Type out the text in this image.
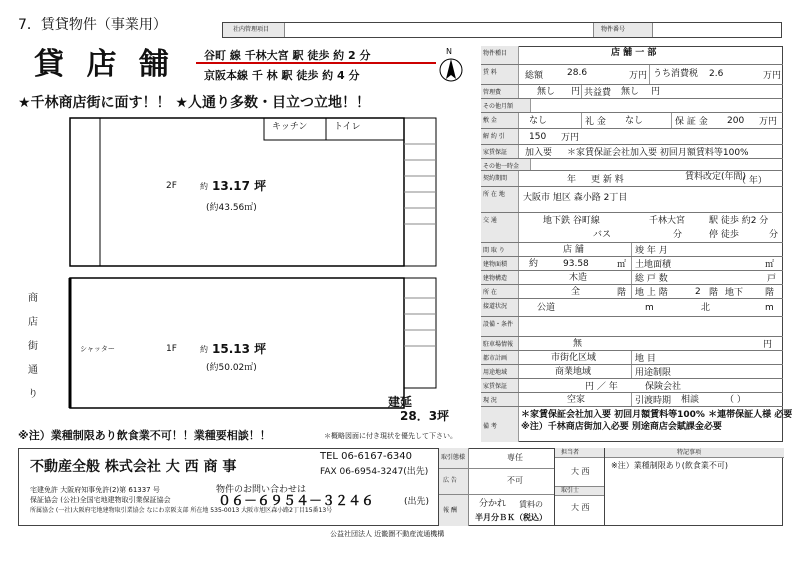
7．賃貸物件（事業用）	社内管理項目	物件番号
貸 店 舗	谷町 線 千林大宮 駅 徒歩 約 2 分
京阪本線 千 林 駅 徒歩 約 4 分
N
★千林商店街に面す！！ ★人通り多数・目立つ立地！！
キッチン	トイレ
2F	約 13.17 坪
(約43.56㎡)
シャッター	1F	約 15.13 坪
(約50.02㎡)
商
店
街
通
り
建延
28．3坪
※注）業種制限あり飲食業不可！！業種要相談！！	＊概略図面に付き現状を優先して下さい。
物件種目	店 舗 一 部
賃 料	総額	28.6	万円 うち消費税 2.6	万円
管理費	無し 円 共益費 無し 円
その他月額
敷 金	なし	礼 金 なし	保 証 金 200 万円
解 約 引	150 万円
家賃保証	加入要 ＊家賃保証会社加入要 初回月額賃料等100%
その他一時金
契約期間	年 更 新 料	賃料改定(年間)
（ 年）
所 在 地	大阪市 旭区 森小路 2丁目
交 通	地下鉄 谷町線	千林大宮	駅 徒歩 約2 分
バス	分	停 徒歩	分
間 取 り	店 舗	竣 年 月
建物面積	約	93.58	㎡ 土地面積	㎡
建物構造	木造	総 戸 数	戸
所 在	全	階 地 上 階	2 階 地下 階
接道状況	公道	m	北	m
設備・条件
駐車場情報	無	円
都市計画	市街化区域	地 目
用途地域	商業地域	用途制限
家賃保証	円 ／ 年	保険会社
現 況	空家	引渡時期 相談	（ ）
備 考
＊家賃保証会社加入要 初回月額賃料等100% ＊連帯保証人様 必要
※注）千林商店街加入必要 別途商店会賦課金必要
不動産全般 株式会社 大 西 商 事
TEL 06-6167-6340
FAX 06-6954-3247(出先)
宅建免許 大阪府知事免許(2)第 61337 号
保証協会 (公社)全国宅地建物取引業保証協会
所属協会 (一社)大阪府宅地建物取引業協会 なにわ京阪支部 所在地 535-0013 大阪市旭区森小路2丁目15番13号
物件のお問い合わせは
０６－６９５４－３２４６	(出先)
取引態様	専任
広 告	不可
報 酬
分かれ 賃料の
半月分ＢＫ（税込）
担当者
大 西
取引士
大 西
特記事項
※注）業種制限あり(飲食業不可)
公益社団法人 近畿圏不動産流通機構
